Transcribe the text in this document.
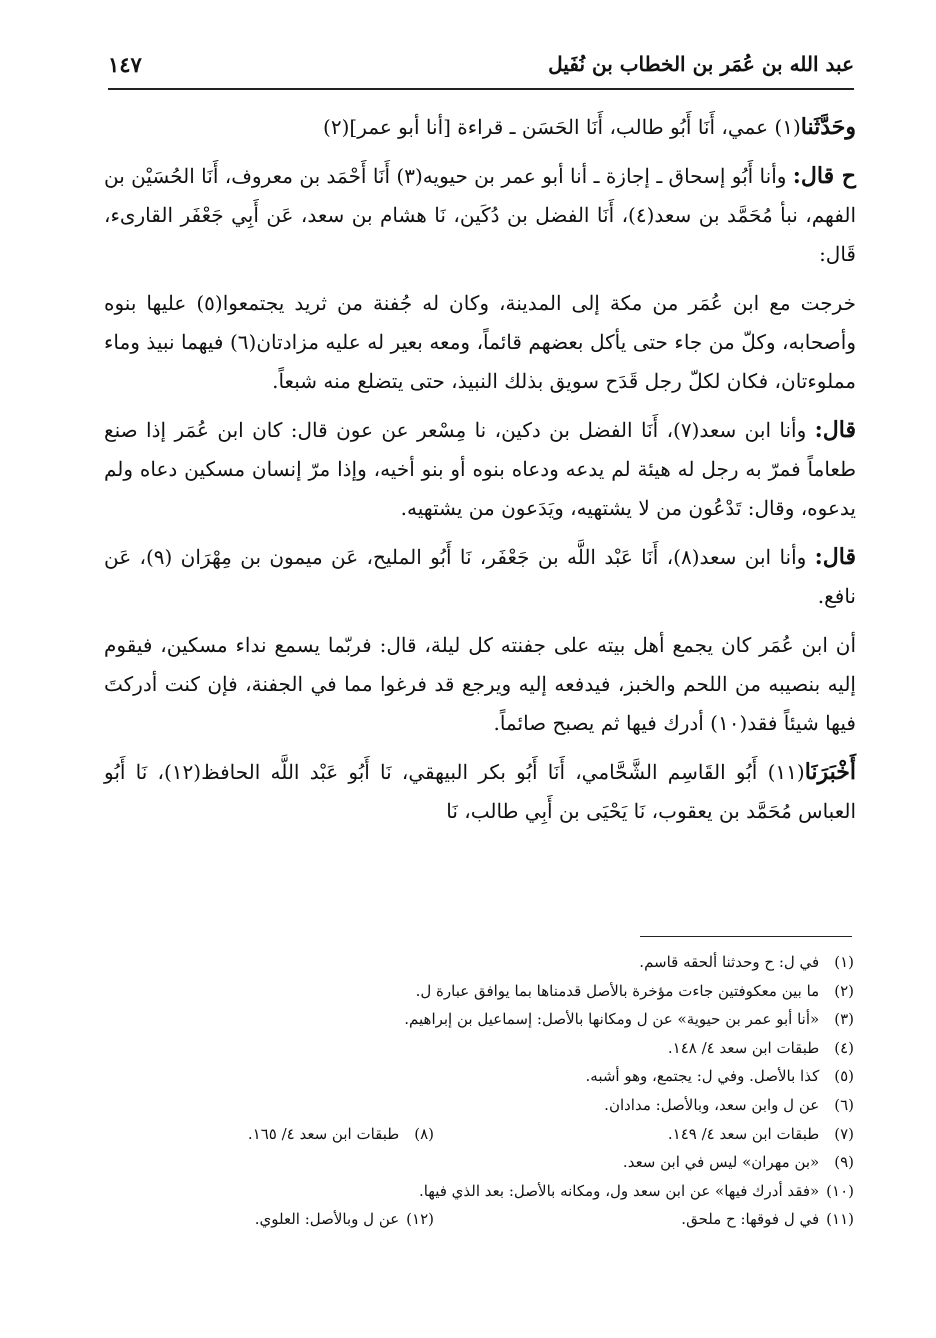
عبد الله بن عُمَر بن الخطاب بن نُفَيل
١٤٧

وحَدَّثَنا(١) عمي، أَنَا أَبُو طالب، أَنَا الحَسَن ـ قراءة [أنا أبو عمر](٢)

ح قال: وأنا أَبُو إسحاق ـ إجازة ـ أنا أبو عمر بن حيويه(٣) أَنَا أَحْمَد بن معروف، أَنَا الحُسَيْن بن الفهم، نبأ مُحَمَّد بن سعد(٤)، أَنَا الفضل بن دُكَين، نَا هشام بن سعد، عَن أَبِي جَعْفَر القارىء، قَال:

خرجت مع ابن عُمَر من مكة إلى المدينة، وكان له جُفنة من ثريد يجتمعوا(٥) عليها بنوه وأصحابه، وكلّ من جاء حتى يأكل بعضهم قائماً، ومعه بعير له عليه مزادتان(٦) فيهما نبيذ وماء مملوءتان، فكان لكلّ رجل قَدَح سويق بذلك النبيذ، حتى يتضلع منه شبعاً.

قال: وأنا ابن سعد(٧)، أَنَا الفضل بن دكين، نا مِسْعر عن عون قال: كان ابن عُمَر إذا صنع طعاماً فمرّ به رجل له هيئة لم يدعه ودعاه بنوه أو بنو أخيه، وإذا مرّ إنسان مسكين دعاه ولم يدعوه، وقال: تَدْعُون من لا يشتهيه، ويَدَعون من يشتهيه.

قال: وأنا ابن سعد(٨)، أَنَا عَبْد اللَّه بن جَعْفَر، نَا أَبُو المليح، عَن ميمون بن مِهْرَان (٩)، عَن نافع.

أن ابن عُمَر كان يجمع أهل بيته على جفنته كل ليلة، قال: فربّما يسمع نداء مسكين، فيقوم إليه بنصيبه من اللحم والخبز، فيدفعه إليه ويرجع قد فرغوا مما في الجفنة، فإن كنت أدركتَ فيها شيئاً فقد(١٠) أدرك فيها ثم يصبح صائماً.

أَخْبَرَنَا(١١) أَبُو القَاسِم الشَّحَّامي، أَنَا أَبُو بكر البيهقي، نَا أَبُو عَبْد اللَّه الحافظ(١٢)، نَا أَبُو العباس مُحَمَّد بن يعقوب، نَا يَحْيَى بن أَبِي طالب، نَا

(١) في ل: ح وحدثنا ألحقه قاسم.
(٢) ما بين معكوفتين جاءت مؤخرة بالأصل قدمناها بما يوافق عبارة ل.
(٣) «أنا أبو عمر بن حيوية» عن ل ومكانها بالأصل: إسماعيل بن إبراهيم.
(٤) طبقات ابن سعد ٤/ ١٤٨.
(٥) كذا بالأصل. وفي ل: يجتمع، وهو أشبه.
(٦) عن ل وابن سعد، وبالأصل: مدادان.
(٧) طبقات ابن سعد ٤/ ١٤٩.
(٨) طبقات ابن سعد ٤/ ١٦٥.
(٩) «بن مهران» ليس في ابن سعد.
(١٠) «فقد أدرك فيها» عن ابن سعد ول، ومكانه بالأصل: بعد الذي فيها.
(١١) في ل فوقها: ح ملحق.
(١٢) عن ل وبالأصل: العلوي.
